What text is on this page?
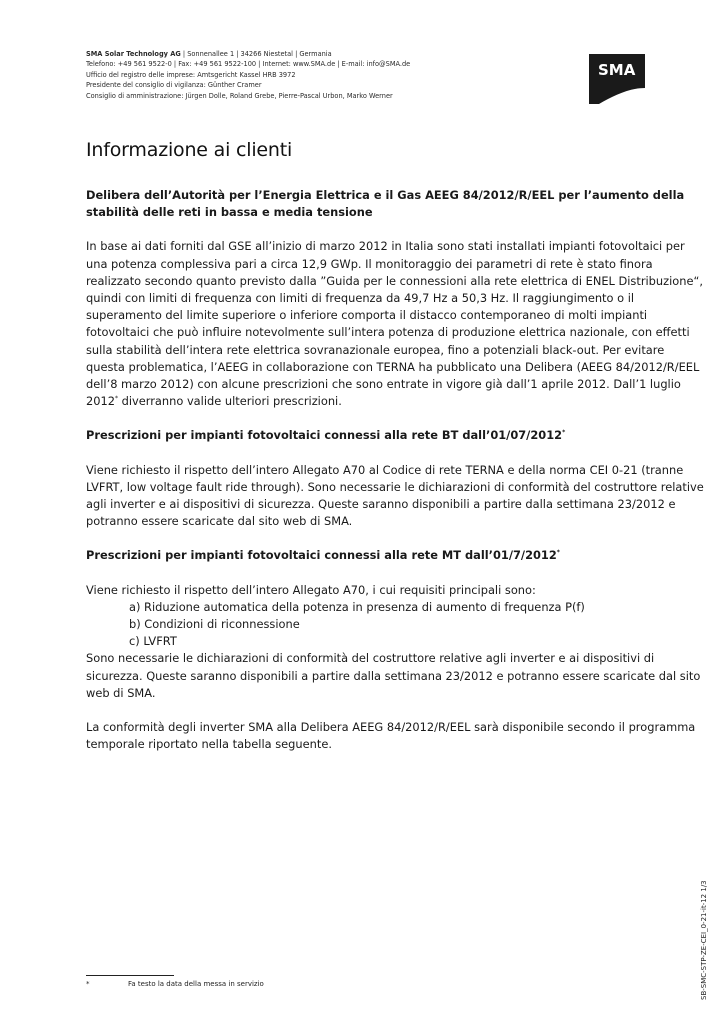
SMA Solar Technology AG | Sonnenallee 1 | 34266 Niestetal | Germania
Telefono: +49 561 9522-0 | Fax: +49 561 9522-100 | Internet: www.SMA.de | E-mail: info@SMA.de
Ufficio del registro delle imprese: Amtsgericht Kassel HRB 3972
Presidente del consiglio di vigilanza: Günther Cramer
Consiglio di amministrazione: Jürgen Dolle, Roland Grebe, Pierre-Pascal Urbon, Marko Werner
SMA
Informazione ai clienti

Delibera dell’Autorità per l’Energia Elettrica e il Gas AEEG 84/2012/R/EEL per l’aumento della stabilità delle reti in bassa e media tensione

In base ai dati forniti dal GSE all’inizio di marzo 2012 in Italia sono stati installati impianti fotovoltaici per una potenza complessiva pari a circa 12,9 GWp. Il monitoraggio dei parametri di rete è stato finora realizzato secondo quanto previsto dalla ”Guida per le connessioni alla rete elettrica di ENEL Distribuzione“, quindi con limiti di frequenza con limiti di frequenza da 49,7 Hz a 50,3 Hz. Il raggiungimento o il superamento del limite superiore o inferiore comporta il distacco contemporaneo di molti impianti fotovoltaici che può influire notevolmente sull’intera potenza di produzione elettrica nazionale, con effetti sulla stabilità dell’intera rete elettrica sovranazionale europea, fino a potenziali black-out. Per evitare questa problematica, l’AEEG in collaborazione con TERNA ha pubblicato una Delibera (AEEG 84/2012/R/EEL dell’8 marzo 2012) con alcune prescrizioni che sono entrate in vigore già dall’1 aprile 2012. Dall’1 luglio 2012* diverranno valide ulteriori prescrizioni.

Prescrizioni per impianti fotovoltaici connessi alla rete BT dall’01/07/2012*

Viene richiesto il rispetto dell’intero Allegato A70 al Codice di rete TERNA e della norma CEI 0-21 (tranne LVFRT, low voltage fault ride through). Sono necessarie le dichiarazioni di conformità del costruttore relative agli inverter e ai dispositivi di sicurezza. Queste saranno disponibili a partire dalla settimana 23/2012 e potranno essere scaricate dal sito web di SMA.

Prescrizioni per impianti fotovoltaici connessi alla rete MT dall’01/7/2012*

Viene richiesto il rispetto dell’intero Allegato A70, i cui requisiti principali sono:

a) Riduzione automatica della potenza in presenza di aumento di frequenza P(f)
b) Condizioni di riconnessione
c) LVFRT

Sono necessarie le dichiarazioni di conformità del costruttore relative agli inverter e ai dispositivi di sicurezza. Queste saranno disponibili a partire dalla settimana 23/2012 e potranno essere scaricate dal sito web di SMA.

La conformità degli inverter SMA alla Delibera AEEG 84/2012/R/EEL sarà disponibile secondo il programma temporale riportato nella tabella seguente.

*	Fa testo la data della messa in servizio	SB-SMC-STP-ZE-CEI_0-21-it-12 1/3
